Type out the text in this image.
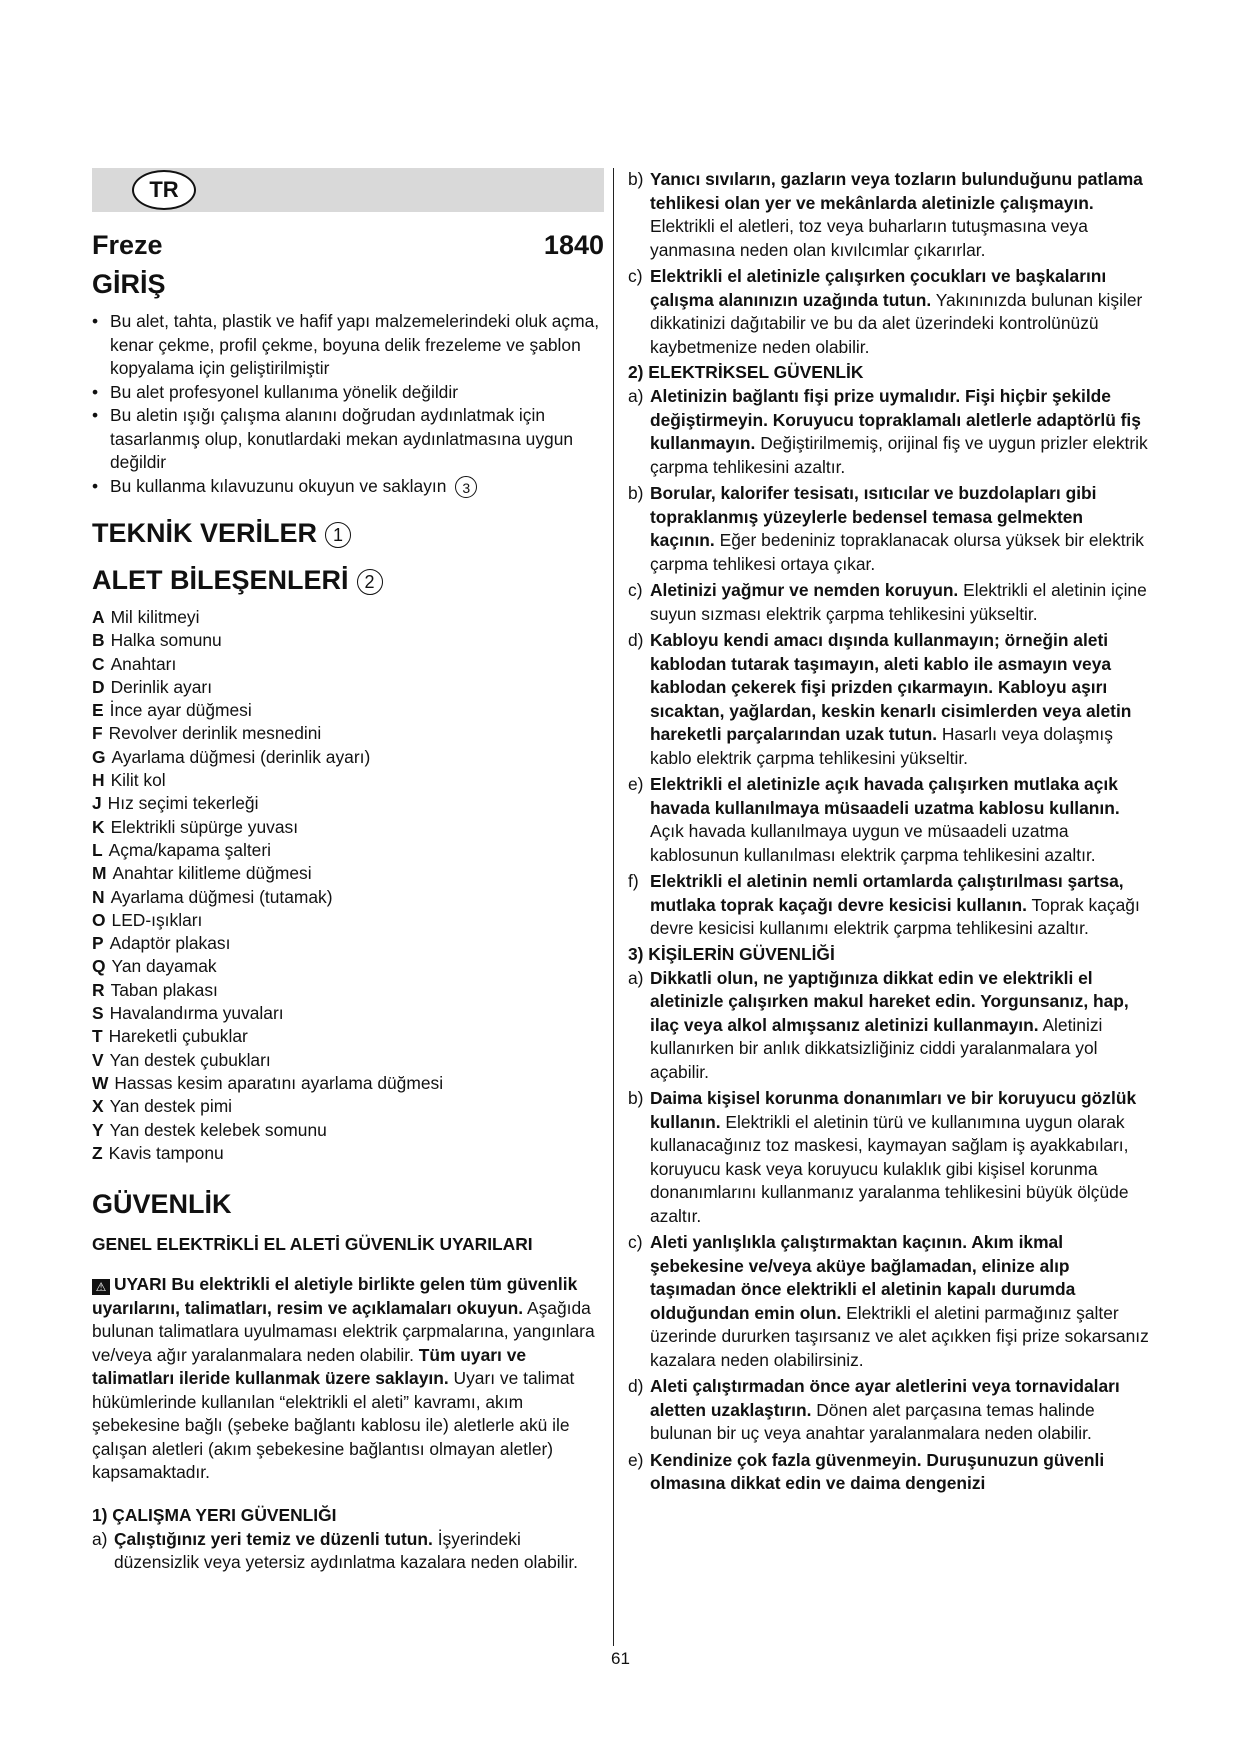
TR
Freze	1840
GİRİŞ
• Bu alet, tahta, plastik ve hafif yapı malzemelerindeki oluk açma, kenar çekme, profil çekme, boyuna delik frezeleme ve şablon kopyalama için geliştirilmiştir
• Bu alet profesyonel kullanıma yönelik değildir
• Bu aletin ışığı çalışma alanını doğrudan aydınlatmak için tasarlanmış olup, konutlardaki mekan aydınlatmasına uygun değildir
• Bu kullanma kılavuzunu okuyun ve saklayın 3
TEKNİK VERİLER 1
ALET BİLEŞENLERİ 2
A Mil kilitmeyi
B Halka somunu
C Anahtarı
D Derinlik ayarı
E İnce ayar düğmesi
F Revolver derinlik mesnedini
G Ayarlama düğmesi (derinlik ayarı)
H Kilit kol
J Hız seçimi tekerleği
K Elektrikli süpürge yuvası
L Açma/kapama şalteri
M Anahtar kilitleme düğmesi
N Ayarlama düğmesi (tutamak)
O LED-ışıkları
P Adaptör plakası
Q Yan dayamak
R Taban plakası
S Havalandırma yuvaları
T Hareketli çubuklar
V Yan destek çubukları
W Hassas kesim aparatını ayarlama düğmesi
X Yan destek pimi
Y Yan destek kelebek somunu
Z Kavis tamponu
GÜVENLİK
GENEL ELEKTRİKLİ EL ALETİ GÜVENLİK UYARILARI

⚠ UYARI Bu elektrikli el aletiyle birlikte gelen tüm güvenlik uyarılarını, talimatları, resim ve açıklamaları okuyun. Aşağıda bulunan talimatlara uyulmaması elektrik çarpmalarına, yangınlara ve/veya ağır yaralanmalara neden olabilir. Tüm uyarı ve talimatları ileride kullanmak üzere saklayın. Uyarı ve talimat hükümlerinde kullanılan “elektrikli el aleti” kavramı, akım şebekesine bağlı (şebeke bağlantı kablosu ile) aletlerle akü ile çalışan aletleri (akım şebekesine bağlantısı olmayan aletler) kapsamaktadır.

1) ÇALIŞMA YERI GÜVENLIĞI
a) Çalıştığınız yeri temiz ve düzenli tutun. İşyerindeki düzensizlik veya yetersiz aydınlatma kazalara neden olabilir.
b) Yanıcı sıvıların, gazların veya tozların bulunduğunu patlama tehlikesi olan yer ve mekânlarda aletinizle çalışmayın. Elektrikli el aletleri, toz veya buharların tutuşmasına veya yanmasına neden olan kıvılcımlar çıkarırlar.
c) Elektrikli el aletinizle çalışırken çocukları ve başkalarını çalışma alanınızın uzağında tutun. Yakınınızda bulunan kişiler dikkatinizi dağıtabilir ve bu da alet üzerindeki kontrolünüzü kaybetmenize neden olabilir.
2) ELEKTRİKSEL GÜVENLİK
a) Aletinizin bağlantı fişi prize uymalıdır. Fişi hiçbir şekilde değiştirmeyin. Koruyucu topraklamalı aletlerle adaptörlü fiş kullanmayın. Değiştirilmemiş, orijinal fiş ve uygun prizler elektrik çarpma tehlikesini azaltır.
b) Borular, kalorifer tesisatı, ısıtıcılar ve buzdolapları gibi topraklanmış yüzeylerle bedensel temasa gelmekten kaçının. Eğer bedeniniz topraklanacak olursa yüksek bir elektrik çarpma tehlikesi ortaya çıkar.
c) Aletinizi yağmur ve nemden koruyun. Elektrikli el aletinin içine suyun sızması elektrik çarpma tehlikesini yükseltir.
d) Kabloyu kendi amacı dışında kullanmayın; örneğin aleti kablodan tutarak taşımayın, aleti kablo ile asmayın veya kablodan çekerek fişi prizden çıkarmayın. Kabloyu aşırı sıcaktan, yağlardan, keskin kenarlı cisimlerden veya aletin hareketli parçalarından uzak tutun. Hasarlı veya dolaşmış kablo elektrik çarpma tehlikesini yükseltir.
e) Elektrikli el aletinizle açık havada çalışırken mutlaka açık havada kullanılmaya müsaadeli uzatma kablosu kullanın. Açık havada kullanılmaya uygun ve müsaadeli uzatma kablosunun kullanılması elektrik çarpma tehlikesini azaltır.
f) Elektrikli el aletinin nemli ortamlarda çalıştırılması şartsa, mutlaka toprak kaçağı devre kesicisi kullanın. Toprak kaçağı devre kesicisi kullanımı elektrik çarpma tehlikesini azaltır.
3) KİŞİLERİN GÜVENLİĞİ
a) Dikkatli olun, ne yaptığınıza dikkat edin ve elektrikli el aletinizle çalışırken makul hareket edin. Yorgunsanız, hap, ilaç veya alkol almışsanız aletinizi kullanmayın. Aletinizi kullanırken bir anlık dikkatsizliğiniz ciddi yaralanmalara yol açabilir.
b) Daima kişisel korunma donanımları ve bir koruyucu gözlük kullanın. Elektrikli el aletinin türü ve kullanımına uygun olarak kullanacağınız toz maskesi, kaymayan sağlam iş ayakkabıları, koruyucu kask veya koruyucu kulaklık gibi kişisel korunma donanımlarını kullanmanız yaralanma tehlikesini büyük ölçüde azaltır.
c) Aleti yanlışlıkla çalıştırmaktan kaçının. Akım ikmal şebekesine ve/veya aküye bağlamadan, elinize alıp taşımadan önce elektrikli el aletinin kapalı durumda olduğundan emin olun. Elektrikli el aletini parmağınız şalter üzerinde dururken taşırsanız ve alet açıkken fişi prize sokarsanız kazalara neden olabilirsiniz.
d) Aleti çalıştırmadan önce ayar aletlerini veya tornavidaları aletten uzaklaştırın. Dönen alet parçasına temas halinde bulunan bir uç veya anahtar yaralanmalara neden olabilir.
e) Kendinize çok fazla güvenmeyin. Duruşunuzun güvenli olmasına dikkat edin ve daima dengenizi
61
